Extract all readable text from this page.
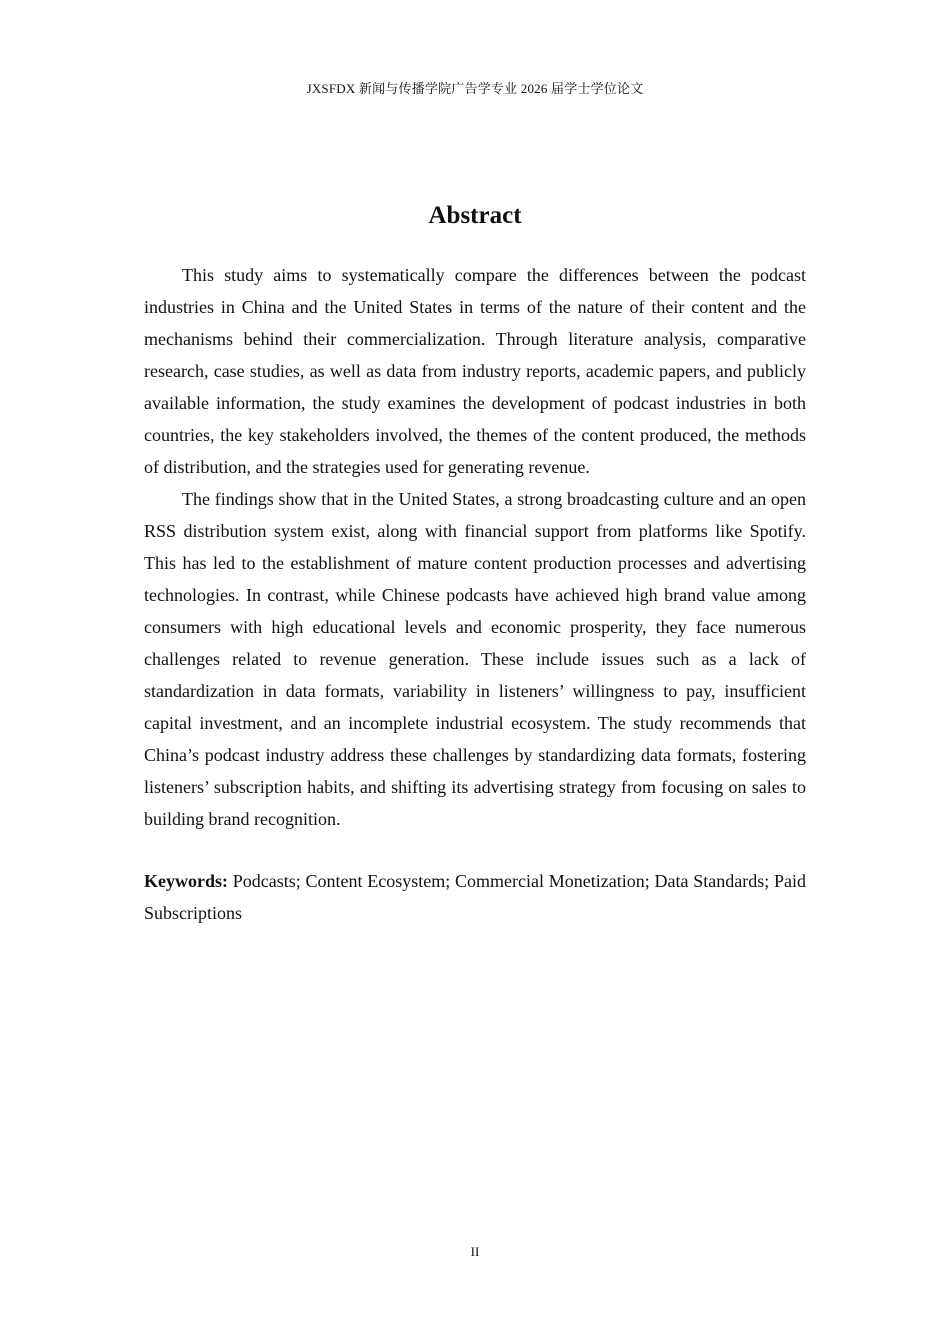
JXSFDX 新闻与传播学院广告学专业 2026 届学士学位论文
Abstract

This study aims to systematically compare the differences between the podcast industries in China and the United States in terms of the nature of their content and the mechanisms behind their commercialization. Through literature analysis, comparative research, case studies, as well as data from industry reports, academic papers, and publicly available information, the study examines the development of podcast industries in both countries, the key stakeholders involved, the themes of the content produced, the methods of distribution, and the strategies used for generating revenue.

The findings show that in the United States, a strong broadcasting culture and an open RSS distribution system exist, along with financial support from platforms like Spotify. This has led to the establishment of mature content production processes and advertising technologies. In contrast, while Chinese podcasts have achieved high brand value among consumers with high educational levels and economic prosperity, they face numerous challenges related to revenue generation. These include issues such as a lack of standardization in data formats, variability in listeners’ willingness to pay, insufficient capital investment, and an incomplete industrial ecosystem. The study recommends that China’s podcast industry address these challenges by standardizing data formats, fostering listeners’ subscription habits, and shifting its advertising strategy from focusing on sales to building brand recognition.

Keywords: Podcasts; Content Ecosystem; Commercial Monetization; Data Standards; Paid Subscriptions

II
